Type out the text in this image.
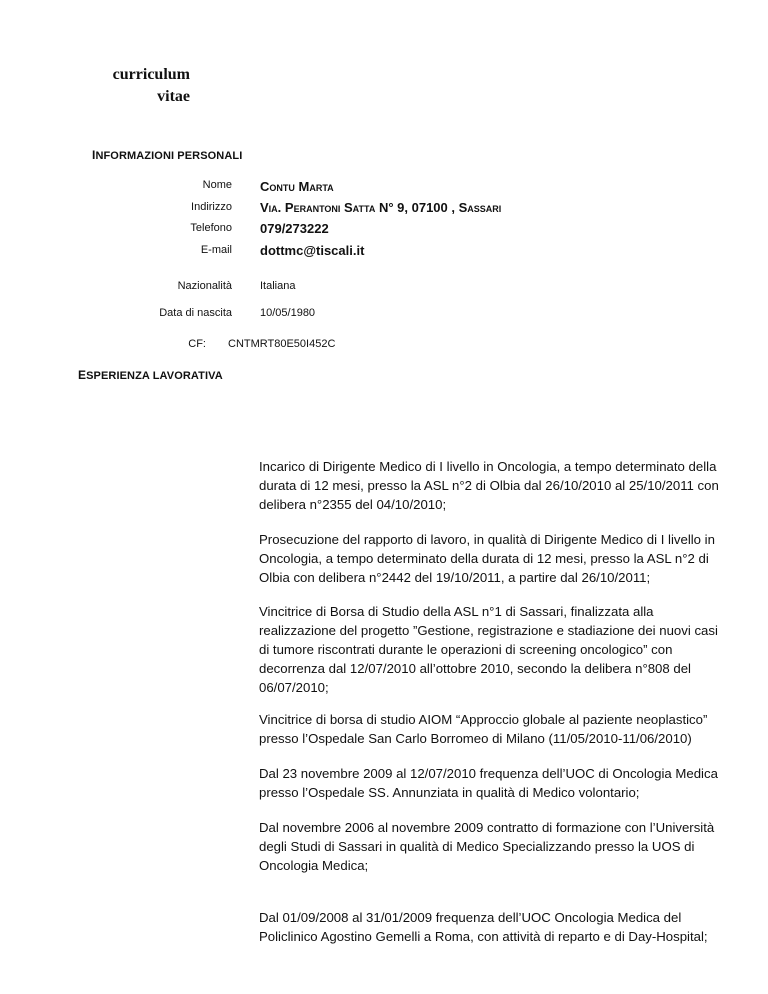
curriculum
vitae
INFORMAZIONI PERSONALI
Nome Contu Marta
Indirizzo Via. Perantoni Satta N° 9, 07100 , Sassari
Telefono 079/273222
E-mail dottmc@tiscali.it
Nazionalità	Italiana
Data di nascita	10/05/1980
CF: CNTMRT80E50I452C
ESPERIENZA LAVORATIVA
Incarico di Dirigente Medico di I livello in Oncologia, a tempo determinato della durata di 12 mesi, presso la ASL n°2 di Olbia dal 26/10/2010 al 25/10/2011 con delibera n°2355 del 04/10/2010;
Prosecuzione del rapporto di lavoro, in qualità di Dirigente Medico di I livello in Oncologia, a tempo determinato della durata di 12 mesi, presso la ASL n°2 di Olbia con delibera n°2442 del 19/10/2011, a partire dal 26/10/2011;
Vincitrice di Borsa di Studio della ASL n°1 di Sassari, finalizzata alla realizzazione del progetto ”Gestione, registrazione e stadiazione dei nuovi casi di tumore riscontrati durante le operazioni di screening oncologico” con decorrenza dal 12/07/2010 all’ottobre 2010, secondo la delibera n°808 del 06/07/2010;
Vincitrice di borsa di studio AIOM “Approccio globale al paziente neoplastico” presso l’Ospedale San Carlo Borromeo di Milano (11/05/2010-11/06/2010)
Dal 23 novembre 2009 al 12/07/2010 frequenza dell’UOC di Oncologia Medica presso l’Ospedale SS. Annunziata in qualità di Medico volontario;
Dal novembre 2006 al novembre 2009 contratto di formazione con l’Università degli Studi di Sassari in qualità di Medico Specializzando presso la UOS di Oncologia Medica;
Dal 01/09/2008 al 31/01/2009 frequenza dell’UOC Oncologia Medica del Policlinico Agostino Gemelli a Roma, con attività di reparto e di Day-Hospital;
